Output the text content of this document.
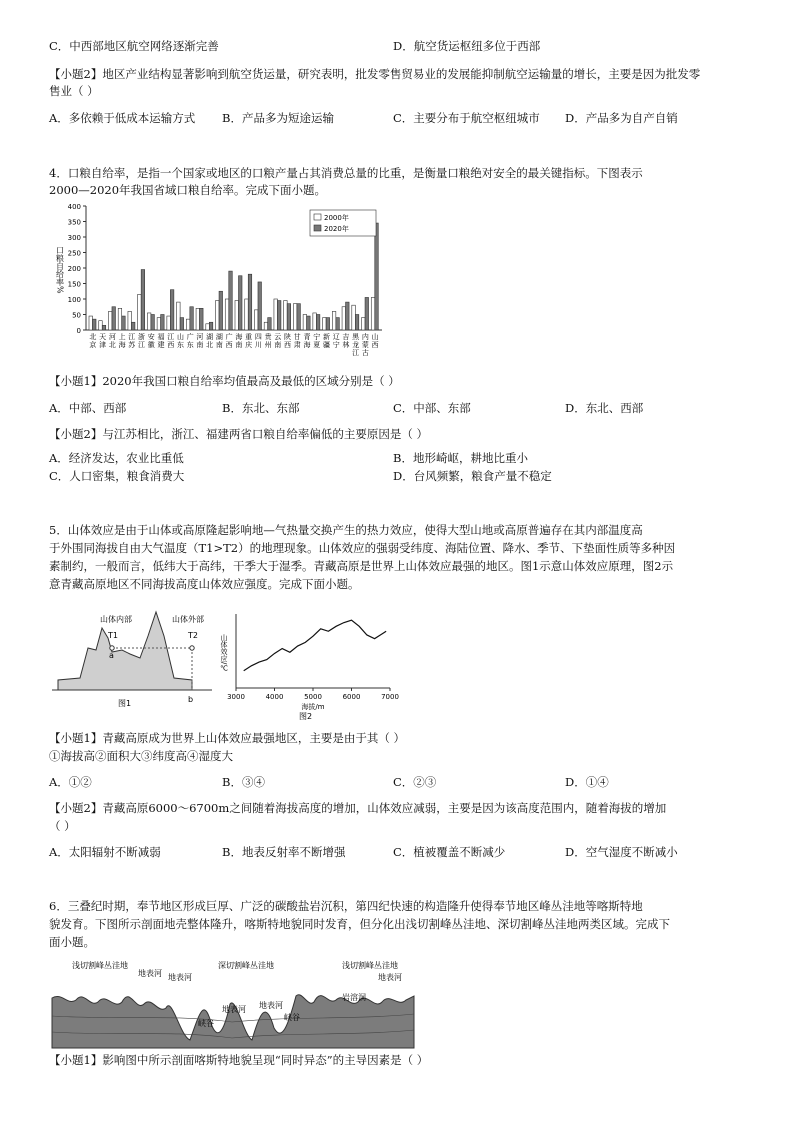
C．中西部地区航空网络逐渐完善	D．航空货运枢纽多位于西部
【小题2】地区产业结构显著影响到航空货运量，研究表明，批发零售贸易业的发展能抑制航空运输量的增长，主要是因为批发零
售业（ ）
A．多依赖于低成本运输方式 B．产品多为短途运输	C．主要分布于航空枢纽城市 D．产品多为自产自销
4．口粮自给率，是指一个国家或地区的口粮产量占其消费总量的比重，是衡量口粮绝对安全的最关键指标。下图表示
2000—2020年我国省域口粮自给率。完成下面小题。
0
50
100
150
200
250
300
350
400
口粮自给率%
北
京
天
津
河
北
上
海
江
苏
浙
江
安
徽
福
建
江
西
山
东
广
东
河
南
湖
北
湖
南
广
西
海
南
重
庆
四
川
贵
州
云
南
陕
西
甘
肃
青
海
宁
夏
新
疆
辽
宁
吉
林
黑
龙
江
内
蒙
古
山
西
2000年
2020年
【小题1】2020年我国口粮自给率均值最高及最低的区域分别是（ ）
A．中部、西部	B．东北、东部	C．中部、东部	D．东北、西部
【小题2】与江苏相比，浙江、福建两省口粮自给率偏低的主要原因是（ ）
A．经济发达，农业比重低	B．地形崎岖，耕地比重小
C．人口密集，粮食消费大	D．台风频繁，粮食产量不稳定
5．山体效应是由于山体或高原隆起影响地—气热量交换产生的热力效应，使得大型山地或高原普遍存在其内部温度高
于外围同海拔自由大气温度（T1>T2）的地理现象。山体效应的强弱受纬度、海陆位置、降水、季节、下垫面性质等多种因
素制约，一般而言，低纬大于高纬，干季大于湿季。青藏高原是世界上山体效应最强的地区。图1示意山体效应原理，图2示
意青藏高原地区不同海拔高度山体效应强度。完成下面小题。
山体内部
T1
山体外部
T2
a
b
图1
3000	4000	5000	6000	7000
海拔/m
图2
山体效应/℃
【小题1】青藏高原成为世界上山体效应最强地区，主要是由于其（ ）
①海拔高②面积大③纬度高④湿度大
A．①②	B．③④	C．②③	D．①④
【小题2】青藏高原6000～6700m之间随着海拔高度的增加，山体效应减弱，主要是因为该高度范围内，随着海拔的增加
（ ）
A．太阳辐射不断减弱	B．地表反射率不断增强	C．植被覆盖不断减少	D．空气湿度不断减小
6．三叠纪时期，奉节地区形成巨厚、广泛的碳酸盐岩沉积，第四纪快速的构造隆升使得奉节地区峰丛洼地等喀斯特地
貌发育。下图所示剖面地壳整体隆升，喀斯特地貌同时发育，但分化出浅切割峰丛洼地、深切割峰丛洼地两类区域。完成下
面小题。
浅切割峰丛洼地	深切割峰丛洼地	浅切割峰丛洼地
地表河 地表河
地表河
峡谷
地表河
峡谷
岩溶洞
地表河
【小题1】影响图中所示剖面喀斯特地貌呈现“同时异态”的主导因素是（ ）
